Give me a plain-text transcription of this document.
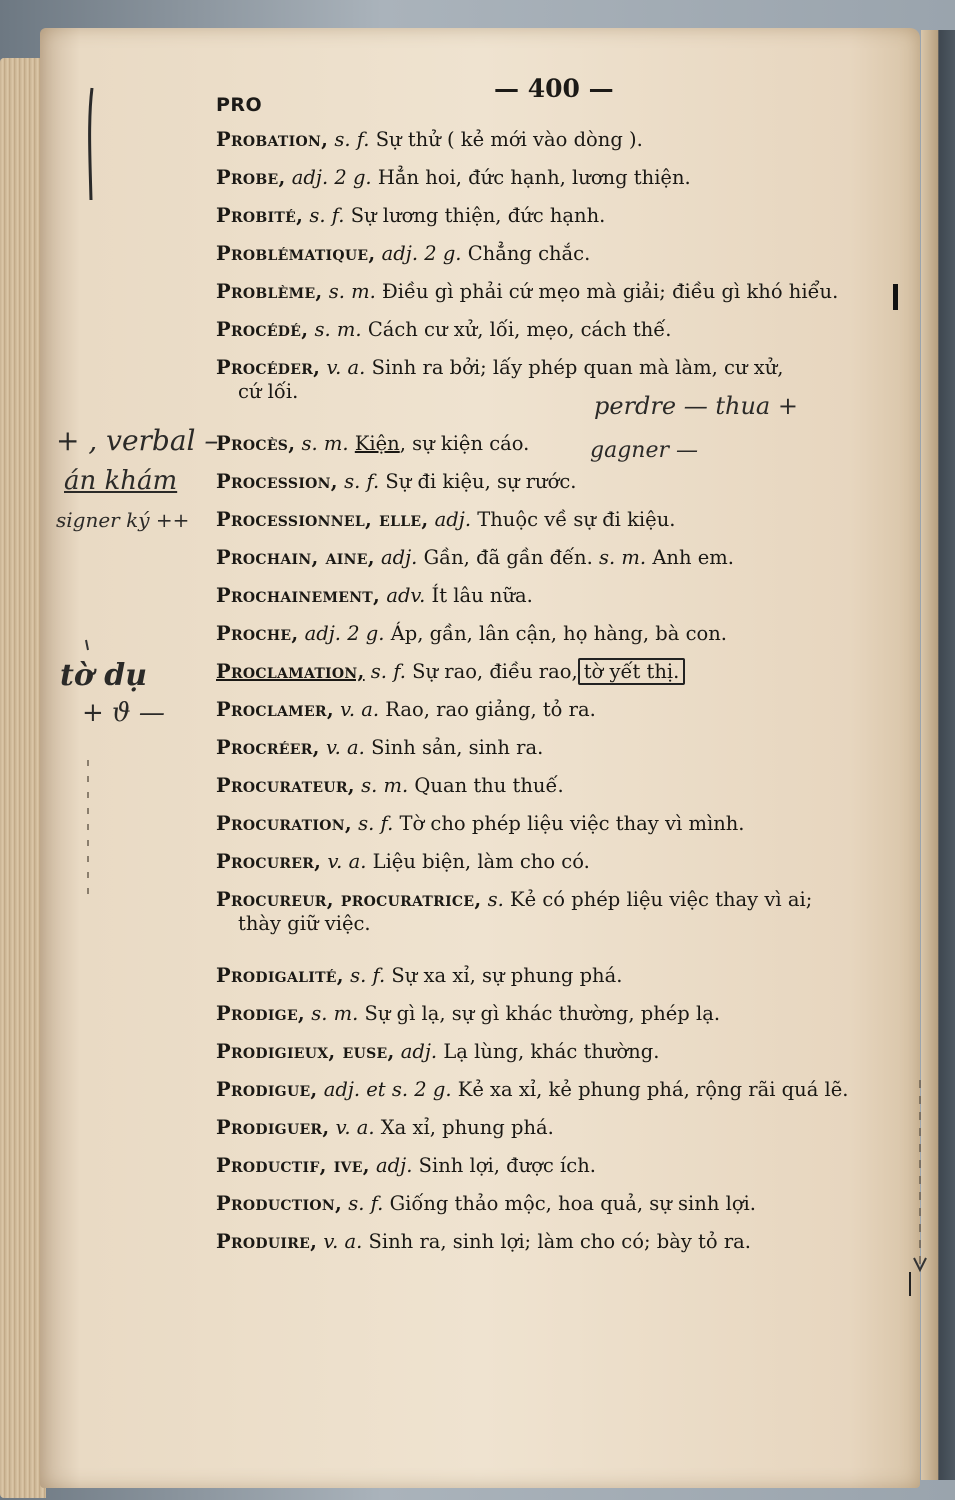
PRO
— 400 —
Probation, s. f. Sự thử ( kẻ mới vào dòng ).
Probe, adj. 2 g. Hẳn hoi, đức hạnh, lương thiện.
Probité, s. f. Sự lương thiện, đức hạnh.
Problématique, adj. 2 g. Chẳng chắc.
Problème, s. m. Điều gì phải cứ mẹo mà giải; điều gì khó hiểu.
Procédé, s. m. Cách cư xử, lối, mẹo, cách thế.
Procéder, v. a. Sinh ra bởi; lấy phép quan mà làm, cư xử,
cứ lối.
Procès, s. m. Kiện, sự kiện cáo.
Procession, s. f. Sự đi kiệu, sự rước.
Processionnel, elle, adj. Thuộc về sự đi kiệu.
Prochain, aine, adj. Gần, đã gần đến. s. m. Anh em.
Prochainement, adv. Ít lâu nữa.
Proche, adj. 2 g. Áp, gần, lân cận, họ hàng, bà con.
Proclamation, s. f. Sự rao, điều rao, tờ yết thị.
Proclamer, v. a. Rao, rao giảng, tỏ ra.
Procréer, v. a. Sinh sản, sinh ra.
Procurateur, s. m. Quan thu thuế.
Procuration, s. f. Tờ cho phép liệu việc thay vì mình.
Procurer, v. a. Liệu biện, làm cho có.
Procureur, procuratrice, s. Kẻ có phép liệu việc thay vì ai;
thày giữ việc.
Prodigalité, s. f. Sự xa xỉ, sự phung phá.
Prodige, s. m. Sự gì lạ, sự gì khác thường, phép lạ.
Prodigieux, euse, adj. Lạ lùng, khác thường.
Prodigue, adj. et s. 2 g. Kẻ xa xỉ, kẻ phung phá, rộng rãi quá lẽ.
Prodiguer, v. a. Xa xỉ, phung phá.
Productif, ive, adj. Sinh lợi, được ích.
Production, s. f. Giống thảo mộc, hoa quả, sự sinh lợi.
Produire, v. a. Sinh ra, sinh lợi; làm cho có; bày tỏ ra.
perdre — thua +
gagner —
+ , verbal –
án khám
signer ký ++
tờ dụ
+ ϑ —
